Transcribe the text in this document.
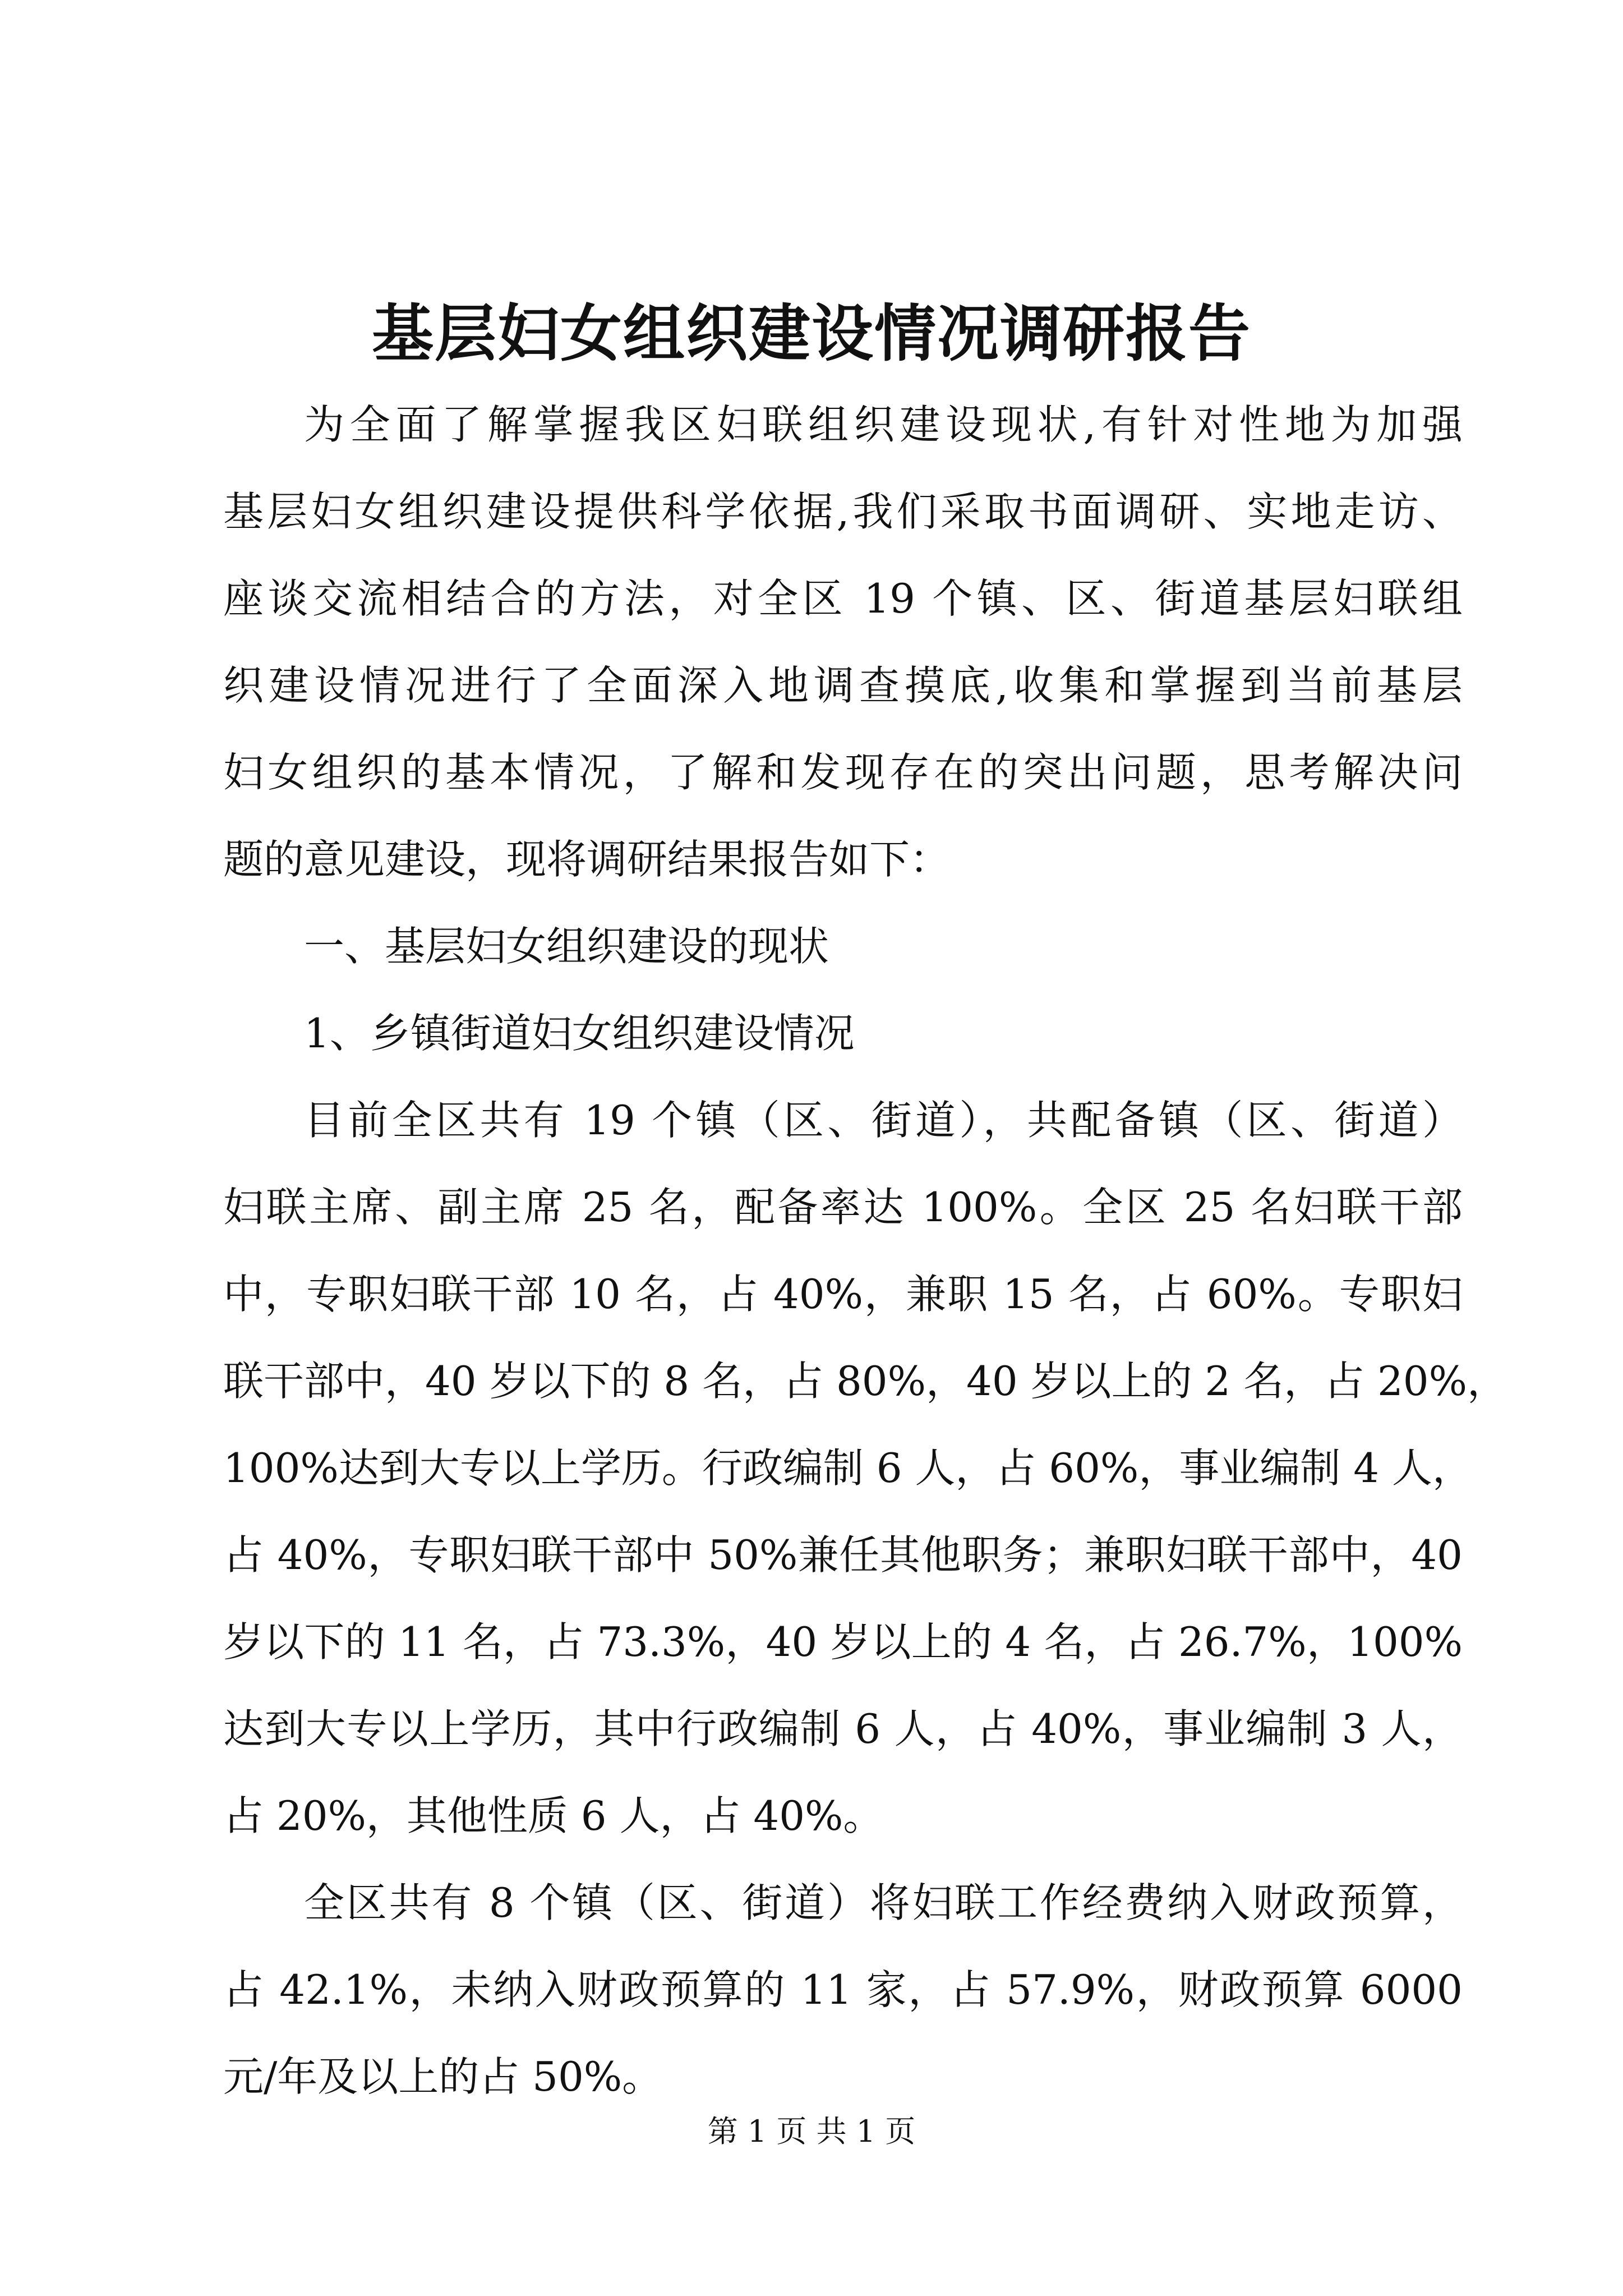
基层妇女组织建设情况调研报告

为全面了解掌握我区妇联组织建设现状,有针对性地为加强
基层妇女组织建设提供科学依据,我们采取书面调研、实地走访、
座谈交流相结合的方法，对全区 19 个镇、区、街道基层妇联组
织建设情况进行了全面深入地调查摸底,收集和掌握到当前基层
妇女组织的基本情况，了解和发现存在的突出问题，思考解决问
题的意见建设，现将调研结果报告如下：

一、基层妇女组织建设的现状

1、乡镇街道妇女组织建设情况

目前全区共有 19 个镇（区、街道），共配备镇（区、街道）
妇联主席、副主席 25 名，配备率达 100%。全区 25 名妇联干部
中，专职妇联干部 10 名，占 40%，兼职 15 名，占 60%。专职妇
联干部中，40 岁以下的 8 名，占 80%，40 岁以上的 2 名，占 20%，
100%达到大专以上学历。行政编制 6 人，占 60%，事业编制 4 人，
占 40%，专职妇联干部中 50%兼任其他职务；兼职妇联干部中，40
岁以下的 11 名，占 73.3%，40 岁以上的 4 名，占 26.7%，100%
达到大专以上学历，其中行政编制 6 人，占 40%，事业编制 3 人，
占 20%，其他性质 6 人，占 40%。

全区共有 8 个镇（区、街道）将妇联工作经费纳入财政预算，
占 42.1%，未纳入财政预算的 11 家，占 57.9%，财政预算 6000
元/年及以上的占 50%。

第 1 页 共 1 页
